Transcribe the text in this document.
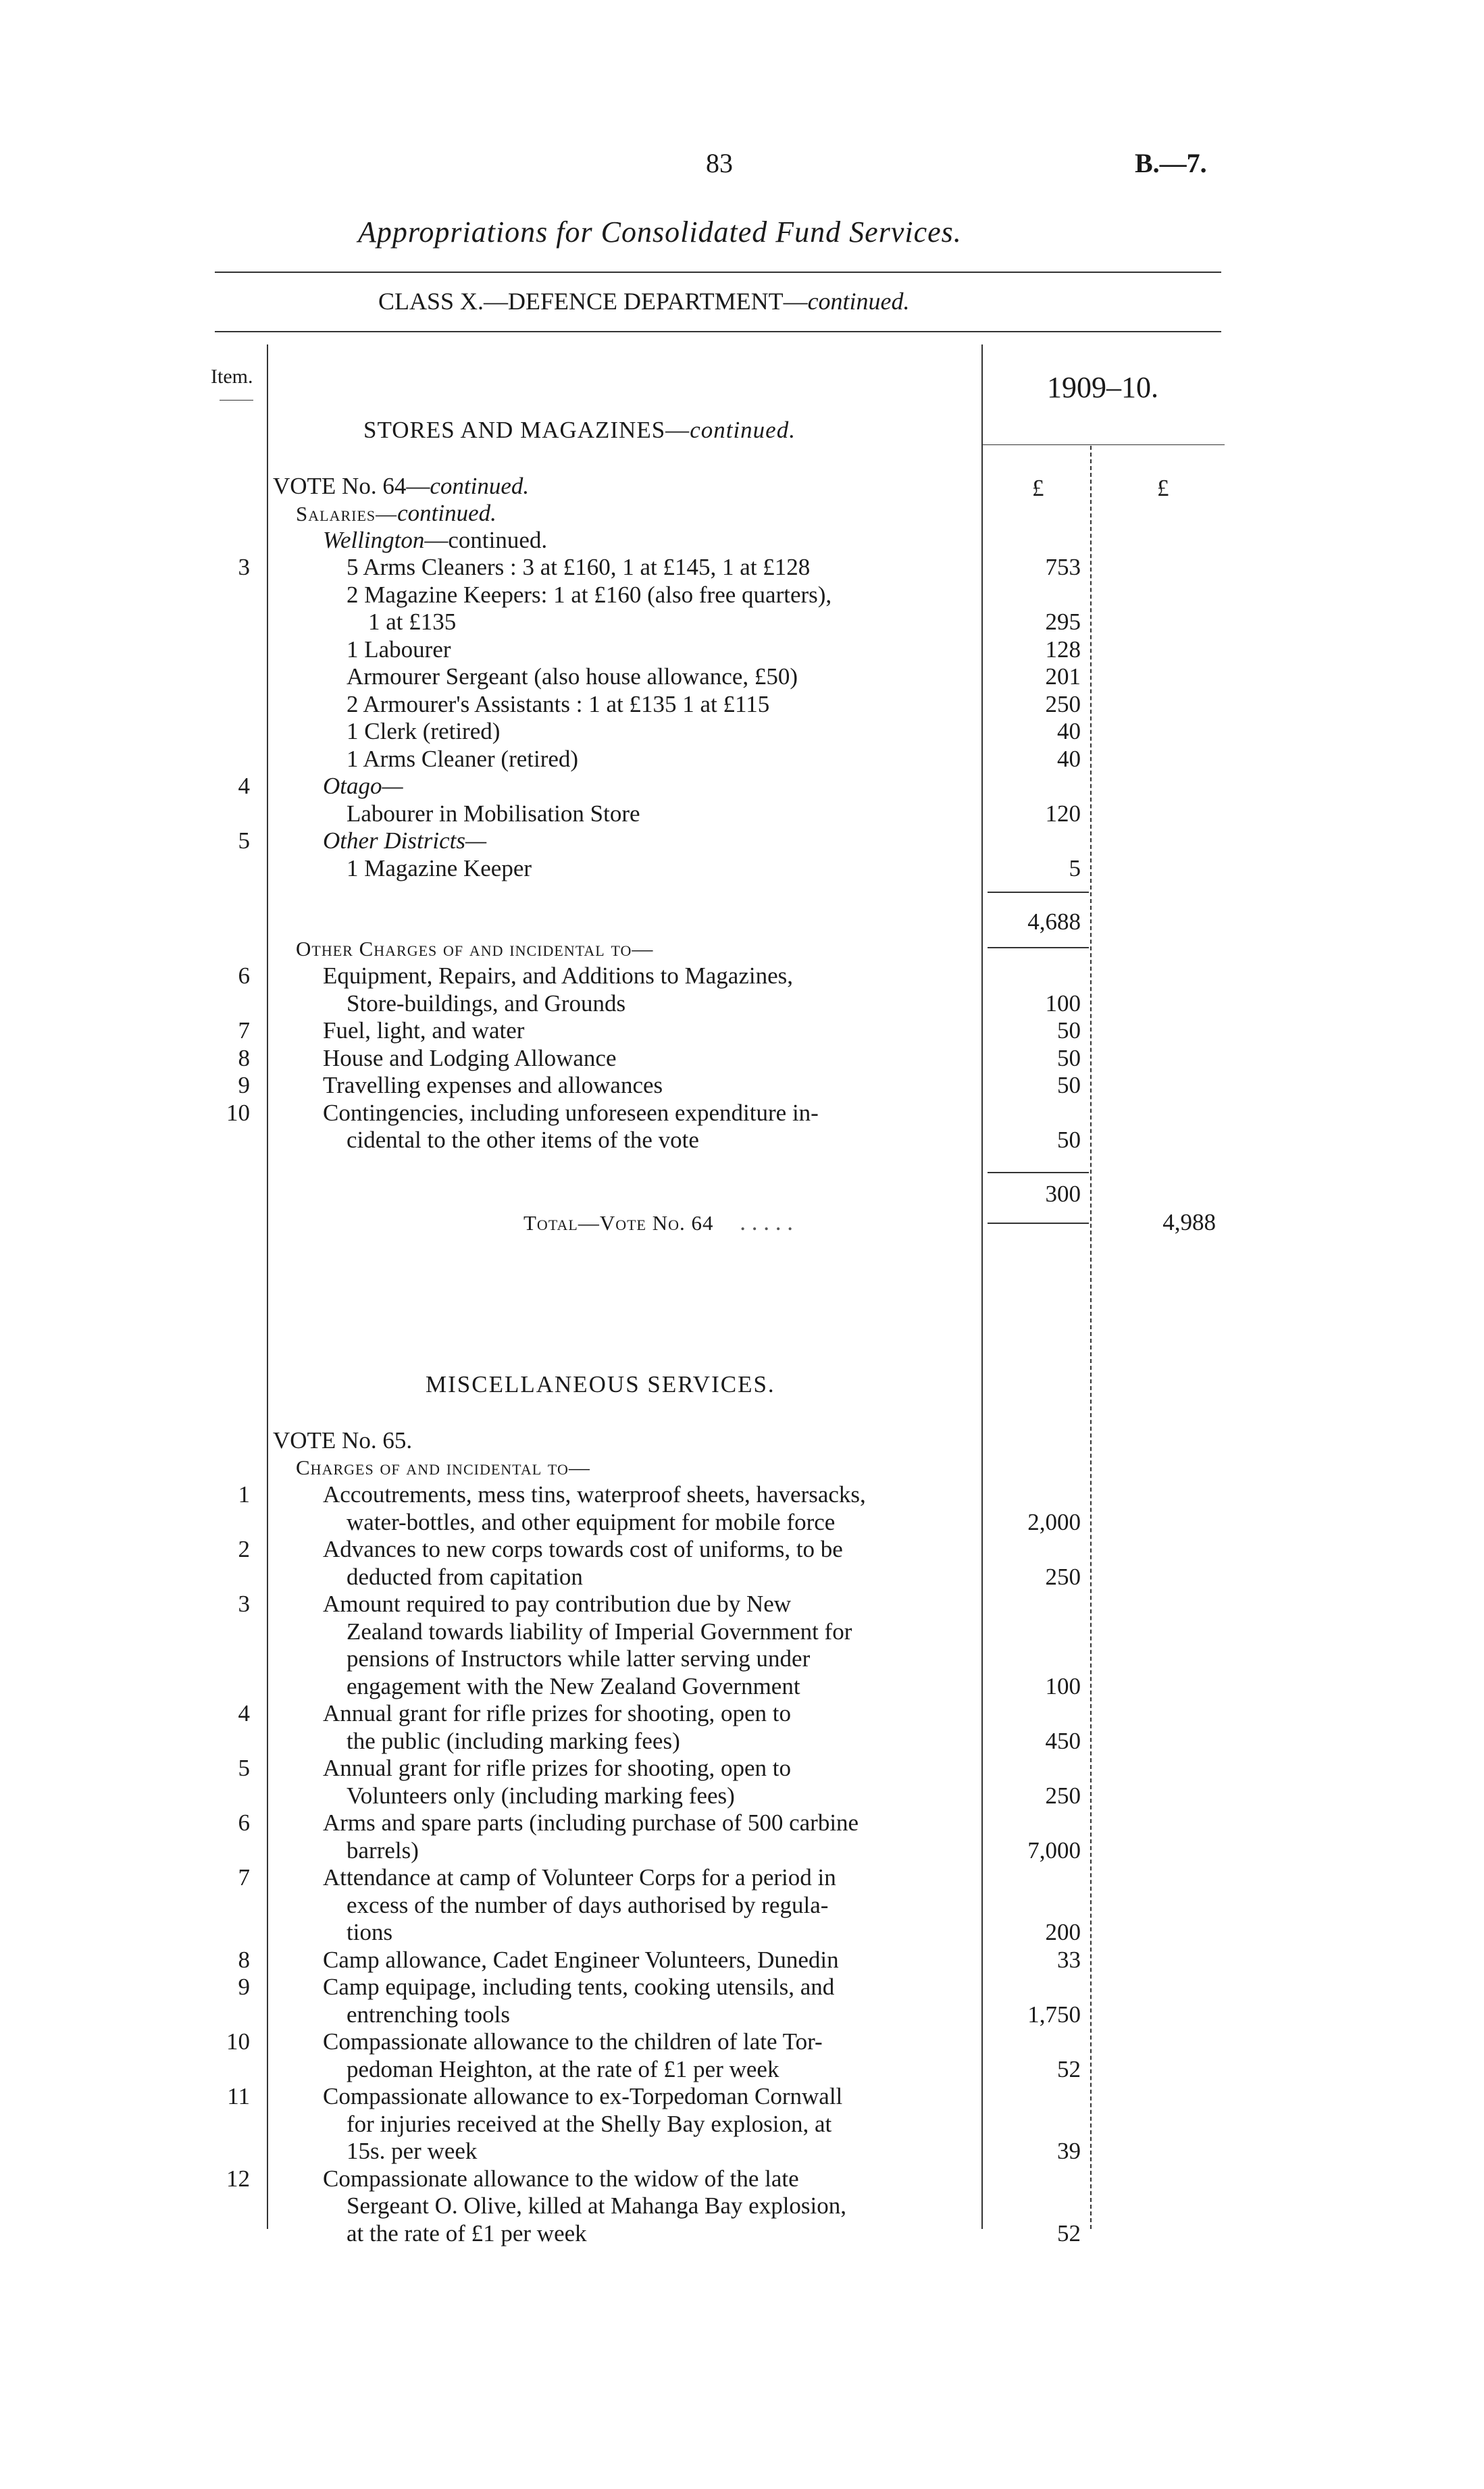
83	B.—7.
Appropriations for Consolidated Fund Services.
CLASS X.—DEFENCE DEPARTMENT—continued.
Item.	1909–10.
£	£
STORES AND MAGAZINES—continued.
VOTE No. 64—continued.
Salaries—continued.
Wellington—continued.
3	5 Arms Cleaners : 3 at £160, 1 at £145, 1 at £128	753
2 Magazine Keepers: 1 at £160 (also free quarters),
1 at £135	295
1 Labourer	128
Armourer Sergeant (also house allowance, £50)	201
2 Armourer's Assistants : 1 at £135 1 at £115	250
1 Clerk (retired)	40
1 Arms Cleaner (retired)	40
4	Otago—
Labourer in Mobilisation Store	120
5	Other Districts—
1 Magazine Keeper	5
4,688
Other Charges of and incidental to—
6	Equipment, Repairs, and Additions to Magazines,
Store-buildings, and Grounds	100
7	Fuel, light, and water	50
8	House and Lodging Allowance	50
9	Travelling expenses and allowances	50
10	Contingencies, including unforeseen expenditure in-
cidental to the other items of the vote	50
300
Total—Vote No. 64 . . . . .	4,988
MISCELLANEOUS SERVICES.
VOTE No. 65.
Charges of and incidental to—
1	Accoutrements, mess tins, waterproof sheets, haversacks,
water-bottles, and other equipment for mobile force	2,000
2	Advances to new corps towards cost of uniforms, to be
deducted from capitation	250
3	Amount required to pay contribution due by New
Zealand towards liability of Imperial Government for
pensions of Instructors while latter serving under
engagement with the New Zealand Government	100
4	Annual grant for rifle prizes for shooting, open to
the public (including marking fees)	450
5	Annual grant for rifle prizes for shooting, open to
Volunteers only (including marking fees)	250
6	Arms and spare parts (including purchase of 500 carbine
barrels)	7,000
7	Attendance at camp of Volunteer Corps for a period in
excess of the number of days authorised by regula-
tions	200
8	Camp allowance, Cadet Engineer Volunteers, Dunedin	33
9	Camp equipage, including tents, cooking utensils, and
entrenching tools	1,750
10	Compassionate allowance to the children of late Tor-
pedoman Heighton, at the rate of £1 per week	52
11	Compassionate allowance to ex-Torpedoman Cornwall
for injuries received at the Shelly Bay explosion, at
15s. per week	39
12	Compassionate allowance to the widow of the late
Sergeant O. Olive, killed at Mahanga Bay explosion,
at the rate of £1 per week	52
